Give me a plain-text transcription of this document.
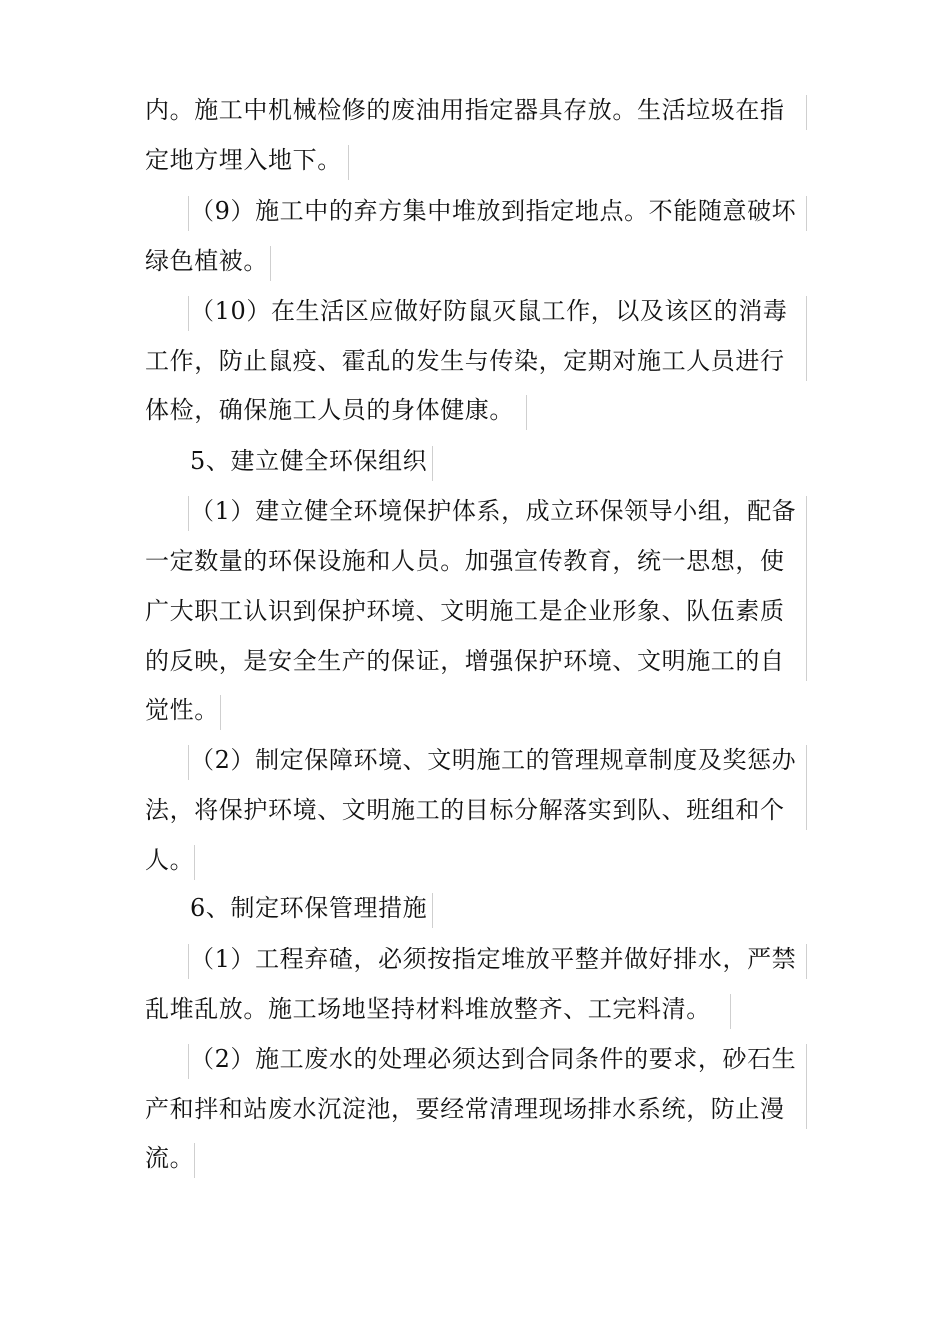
内。施工中机械检修的废油用指定器具存放。生活垃圾在指
定地方埋入地下。
（9）施工中的弃方集中堆放到指定地点。不能随意破坏
绿色植被。
（10）在生活区应做好防鼠灭鼠工作，以及该区的消毒
工作，防止鼠疫、霍乱的发生与传染，定期对施工人员进行
体检，确保施工人员的身体健康。
5、建立健全环保组织
（1）建立健全环境保护体系，成立环保领导小组，配备
一定数量的环保设施和人员。加强宣传教育，统一思想，使
广大职工认识到保护环境、文明施工是企业形象、队伍素质
的反映，是安全生产的保证，增强保护环境、文明施工的自
觉性。
（2）制定保障环境、文明施工的管理规章制度及奖惩办
法，将保护环境、文明施工的目标分解落实到队、班组和个
人。
6、制定环保管理措施
（1）工程弃碴，必须按指定堆放平整并做好排水，严禁
乱堆乱放。施工场地坚持材料堆放整齐、工完料清。
（2）施工废水的处理必须达到合同条件的要求，砂石生
产和拌和站废水沉淀池，要经常清理现场排水系统，防止漫
流。
